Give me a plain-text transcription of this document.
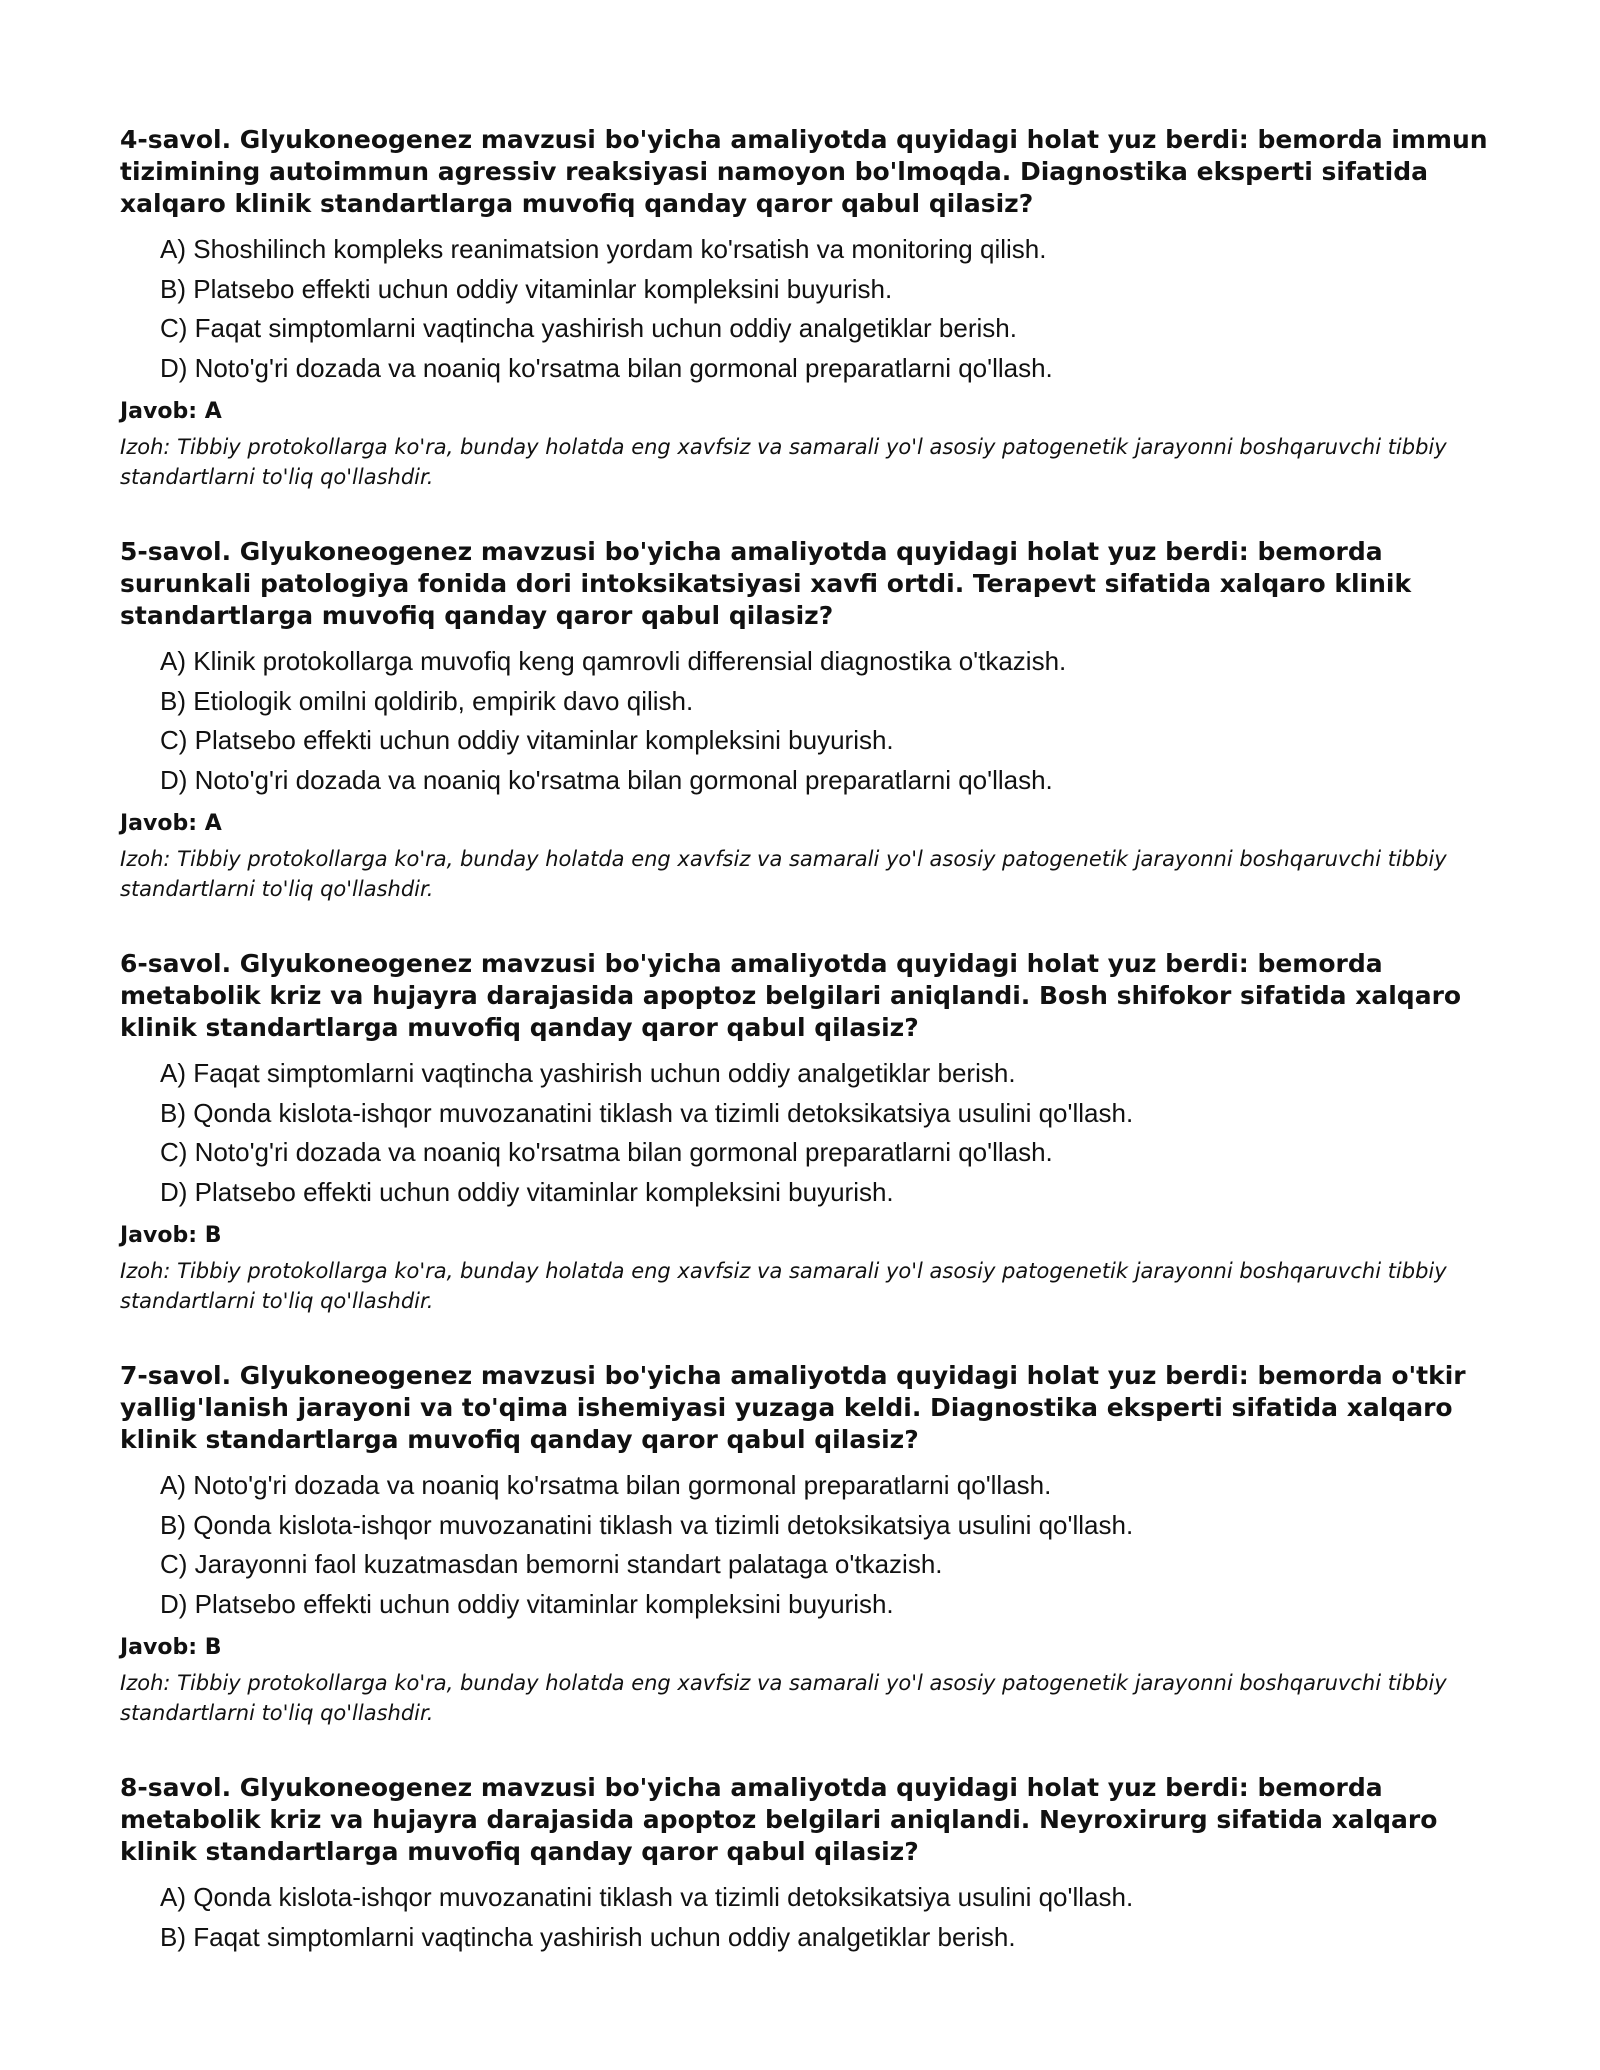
4-savol. Glyukoneogenez mavzusi bo'yicha amaliyotda quyidagi holat yuz berdi: bemorda immun tizimining autoimmun agressiv reaksiyasi namoyon bo'lmoqda. Diagnostika eksperti sifatida xalqaro klinik standartlarga muvofiq qanday qaror qabul qilasiz?

A) Shoshilinch kompleks reanimatsion yordam ko'rsatish va monitoring qilish.
B) Platsebo effekti uchun oddiy vitaminlar kompleksini buyurish.
C) Faqat simptomlarni vaqtincha yashirish uchun oddiy analgetiklar berish.
D) Noto'g'ri dozada va noaniq ko'rsatma bilan gormonal preparatlarni qo'llash.
Javob: A
Izoh: Tibbiy protokollarga ko'ra, bunday holatda eng xavfsiz va samarali yo'l asosiy patogenetik jarayonni boshqaruvchi tibbiy standartlarni to'liq qo'llashdir.

5-savol. Glyukoneogenez mavzusi bo'yicha amaliyotda quyidagi holat yuz berdi: bemorda surunkali patologiya fonida dori intoksikatsiyasi xavfi ortdi. Terapevt sifatida xalqaro klinik standartlarga muvofiq qanday qaror qabul qilasiz?

A) Klinik protokollarga muvofiq keng qamrovli differensial diagnostika o'tkazish.
B) Etiologik omilni qoldirib, empirik davo qilish.
C) Platsebo effekti uchun oddiy vitaminlar kompleksini buyurish.
D) Noto'g'ri dozada va noaniq ko'rsatma bilan gormonal preparatlarni qo'llash.
Javob: A
Izoh: Tibbiy protokollarga ko'ra, bunday holatda eng xavfsiz va samarali yo'l asosiy patogenetik jarayonni boshqaruvchi tibbiy standartlarni to'liq qo'llashdir.

6-savol. Glyukoneogenez mavzusi bo'yicha amaliyotda quyidagi holat yuz berdi: bemorda metabolik kriz va hujayra darajasida apoptoz belgilari aniqlandi. Bosh shifokor sifatida xalqaro klinik standartlarga muvofiq qanday qaror qabul qilasiz?

A) Faqat simptomlarni vaqtincha yashirish uchun oddiy analgetiklar berish.
B) Qonda kislota-ishqor muvozanatini tiklash va tizimli detoksikatsiya usulini qo'llash.
C) Noto'g'ri dozada va noaniq ko'rsatma bilan gormonal preparatlarni qo'llash.
D) Platsebo effekti uchun oddiy vitaminlar kompleksini buyurish.
Javob: B
Izoh: Tibbiy protokollarga ko'ra, bunday holatda eng xavfsiz va samarali yo'l asosiy patogenetik jarayonni boshqaruvchi tibbiy standartlarni to'liq qo'llashdir.

7-savol. Glyukoneogenez mavzusi bo'yicha amaliyotda quyidagi holat yuz berdi: bemorda o'tkir yallig'lanish jarayoni va to'qima ishemiyasi yuzaga keldi. Diagnostika eksperti sifatida xalqaro klinik standartlarga muvofiq qanday qaror qabul qilasiz?

A) Noto'g'ri dozada va noaniq ko'rsatma bilan gormonal preparatlarni qo'llash.
B) Qonda kislota-ishqor muvozanatini tiklash va tizimli detoksikatsiya usulini qo'llash.
C) Jarayonni faol kuzatmasdan bemorni standart palataga o'tkazish.
D) Platsebo effekti uchun oddiy vitaminlar kompleksini buyurish.
Javob: B
Izoh: Tibbiy protokollarga ko'ra, bunday holatda eng xavfsiz va samarali yo'l asosiy patogenetik jarayonni boshqaruvchi tibbiy standartlarni to'liq qo'llashdir.

8-savol. Glyukoneogenez mavzusi bo'yicha amaliyotda quyidagi holat yuz berdi: bemorda metabolik kriz va hujayra darajasida apoptoz belgilari aniqlandi. Neyroxirurg sifatida xalqaro klinik standartlarga muvofiq qanday qaror qabul qilasiz?

A) Qonda kislota-ishqor muvozanatini tiklash va tizimli detoksikatsiya usulini qo'llash.
B) Faqat simptomlarni vaqtincha yashirish uchun oddiy analgetiklar berish.
